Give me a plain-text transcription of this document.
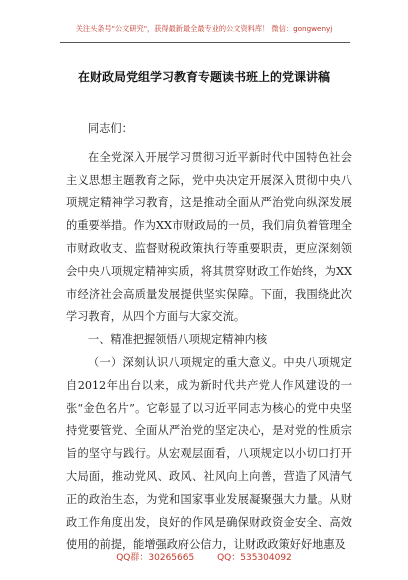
关注头条号"公文研究"，获得最新最全最专业的公文资料库！ 微信：gongwenyj
在财政局党组学习教育专题读书班上的党课讲稿

同志们：

在全党深入开展学习贯彻习近平新时代中国特色社会主义思想主题教育之际，党中央决定开展深入贯彻中央八项规定精神学习教育，这是推动全面从严治党向纵深发展的重要举措。作为XX市财政局的一员，我们肩负着管理全市财政收支、监督财税政策执行等重要职责，更应深刻领会中央八项规定精神实质，将其贯穿财政工作始终，为XX市经济社会高质量发展提供坚实保障。下面，我围绕此次学习教育，从四个方面与大家交流。

一、精准把握领悟八项规定精神内核

（一）深刻认识八项规定的重大意义。中央八项规定自2012年出台以来，成为新时代共产党人作风建设的一张“金色名片”。它彰显了以习近平同志为核心的党中央坚持党要管党、全面从严治党的坚定决心，是对党的性质宗旨的坚守与践行。从宏观层面看，八项规定以小切口打开大局面，推动党风、政风、社风向上向善，营造了风清气正的政治生态，为党和国家事业发展凝聚强大力量。从财政工作角度出发，良好的作风是确保财政资金安全、高效使用的前提，能增强政府公信力，让财政政策好好地惠及

QQ群：30265665	QQ：535304092
